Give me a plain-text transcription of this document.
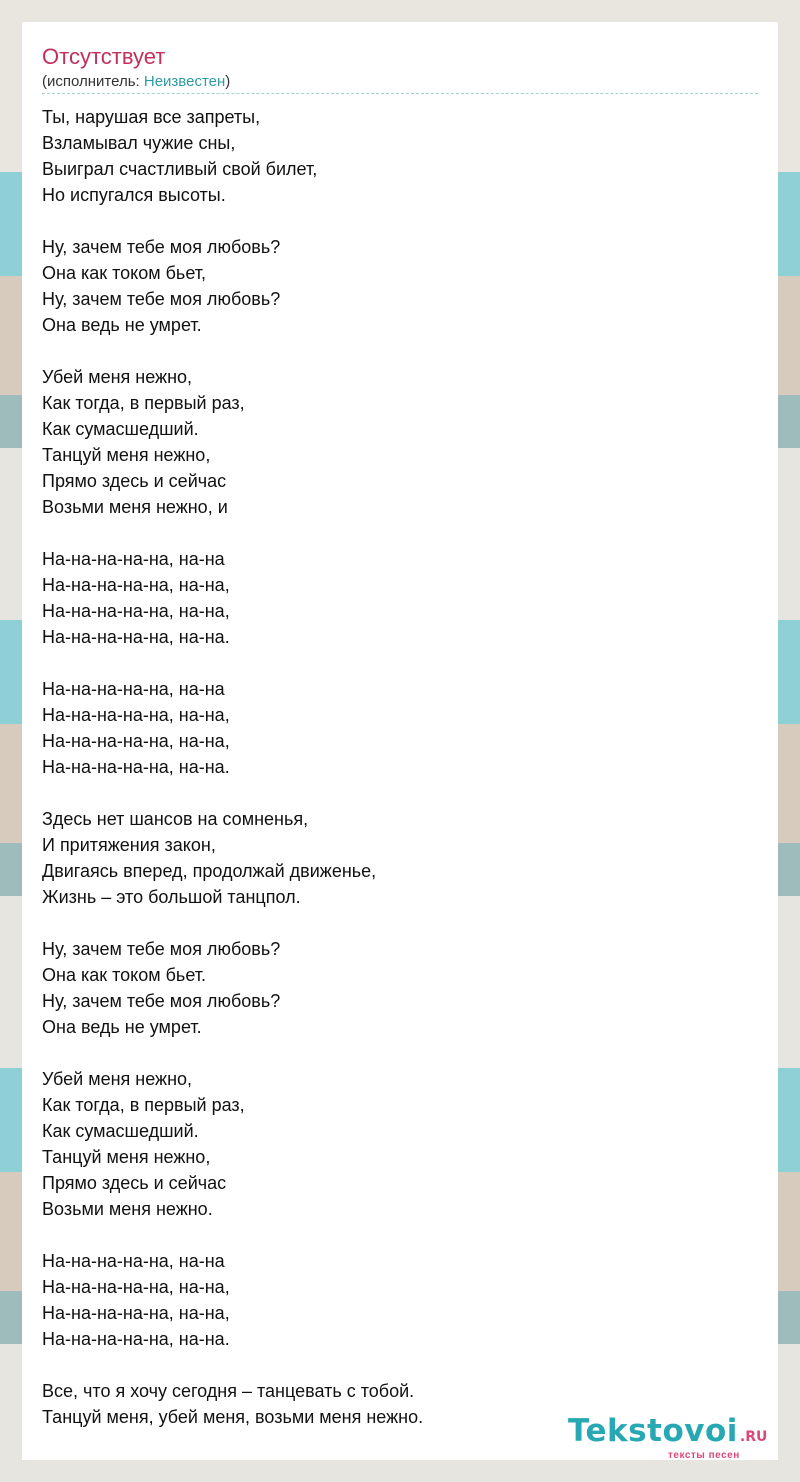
Отсутствует
(исполнитель: Неизвестен)
Ты, нарушая все запреты,
Взламывал чужие сны,
Выиграл счастливый свой билет,
Но испугался высоты.

Ну, зачем тебе моя любовь?
Она как током бьет,
Ну, зачем тебе моя любовь?
Она ведь не умрет.

Убей меня нежно,
Как тогда, в первый раз,
Как сумасшедший.
Танцуй меня нежно,
Прямо здесь и сейчас
Возьми меня нежно, и

На-на-на-на-на, на-на
На-на-на-на-на, на-на,
На-на-на-на-на, на-на,
На-на-на-на-на, на-на.

На-на-на-на-на, на-на
На-на-на-на-на, на-на,
На-на-на-на-на, на-на,
На-на-на-на-на, на-на.

Здесь нет шансов на сомненья,
И притяжения закон,
Двигаясь вперед, продолжай движенье,
Жизнь – это большой танцпол.

Ну, зачем тебе моя любовь?
Она как током бьет.
Ну, зачем тебе моя любовь?
Она ведь не умрет.

Убей меня нежно,
Как тогда, в первый раз,
Как сумасшедший.
Танцуй меня нежно,
Прямо здесь и сейчас
Возьми меня нежно.

На-на-на-на-на, на-на
На-на-на-на-на, на-на,
На-на-на-на-на, на-на,
На-на-на-на-на, на-на.

Все, что я хочу сегодня – танцевать с тобой.
Танцуй меня, убей меня, возьми меня нежно.	Tekstovoi .RU
тексты песен
